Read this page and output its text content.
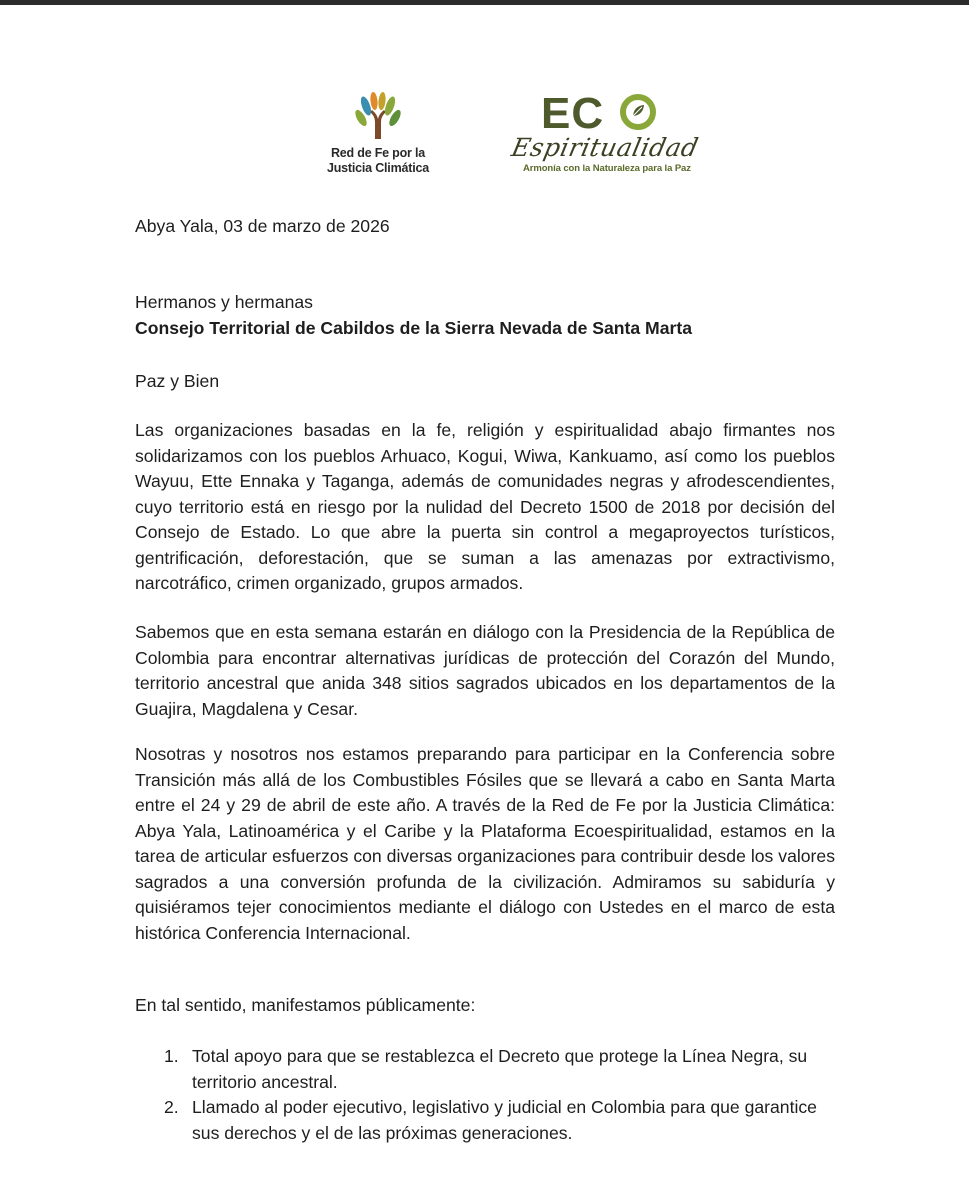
Red de Fe por la
Justicia Climática
EC
Espiritualidad
Armonía con la Naturaleza para la Paz
Abya Yala, 03 de marzo de 2026
Hermanos y hermanas
Consejo Territorial de Cabildos de la Sierra Nevada de Santa Marta
Paz y Bien
Las organizaciones basadas en la fe, religión y espiritualidad abajo firmantes nos solidarizamos con los pueblos Arhuaco, Kogui, Wiwa, Kankuamo, así como los pueblos Wayuu, Ette Ennaka y Taganga, además de comunidades negras y afrodescendientes, cuyo territorio está en riesgo por la nulidad del Decreto 1500 de 2018 por decisión del Consejo de Estado. Lo que abre la puerta sin control a megaproyectos turísticos, gentrificación, deforestación, que se suman a las amenazas por extractivismo, narcotráfico, crimen organizado, grupos armados.
Sabemos que en esta semana estarán en diálogo con la Presidencia de la República de Colombia para encontrar alternativas jurídicas de protección del Corazón del Mundo, territorio ancestral que anida 348 sitios sagrados ubicados en los departamentos de la Guajira, Magdalena y Cesar.
Nosotras y nosotros nos estamos preparando para participar en la Conferencia sobre Transición más allá de los Combustibles Fósiles que se llevará a cabo en Santa Marta entre el 24 y 29 de abril de este año. A través de la Red de Fe por la Justicia Climática: Abya Yala, Latinoamérica y el Caribe y la Plataforma Ecoespiritualidad, estamos en la tarea de articular esfuerzos con diversas organizaciones para contribuir desde los valores sagrados a una conversión profunda de la civilización. Admiramos su sabiduría y quisiéramos tejer conocimientos mediante el diálogo con Ustedes en el marco de esta histórica Conferencia Internacional.
En tal sentido, manifestamos públicamente:
1. Total apoyo para que se restablezca el Decreto que protege la Línea Negra, su territorio ancestral.
2. Llamado al poder ejecutivo, legislativo y judicial en Colombia para que garantice sus derechos y el de las próximas generaciones.
